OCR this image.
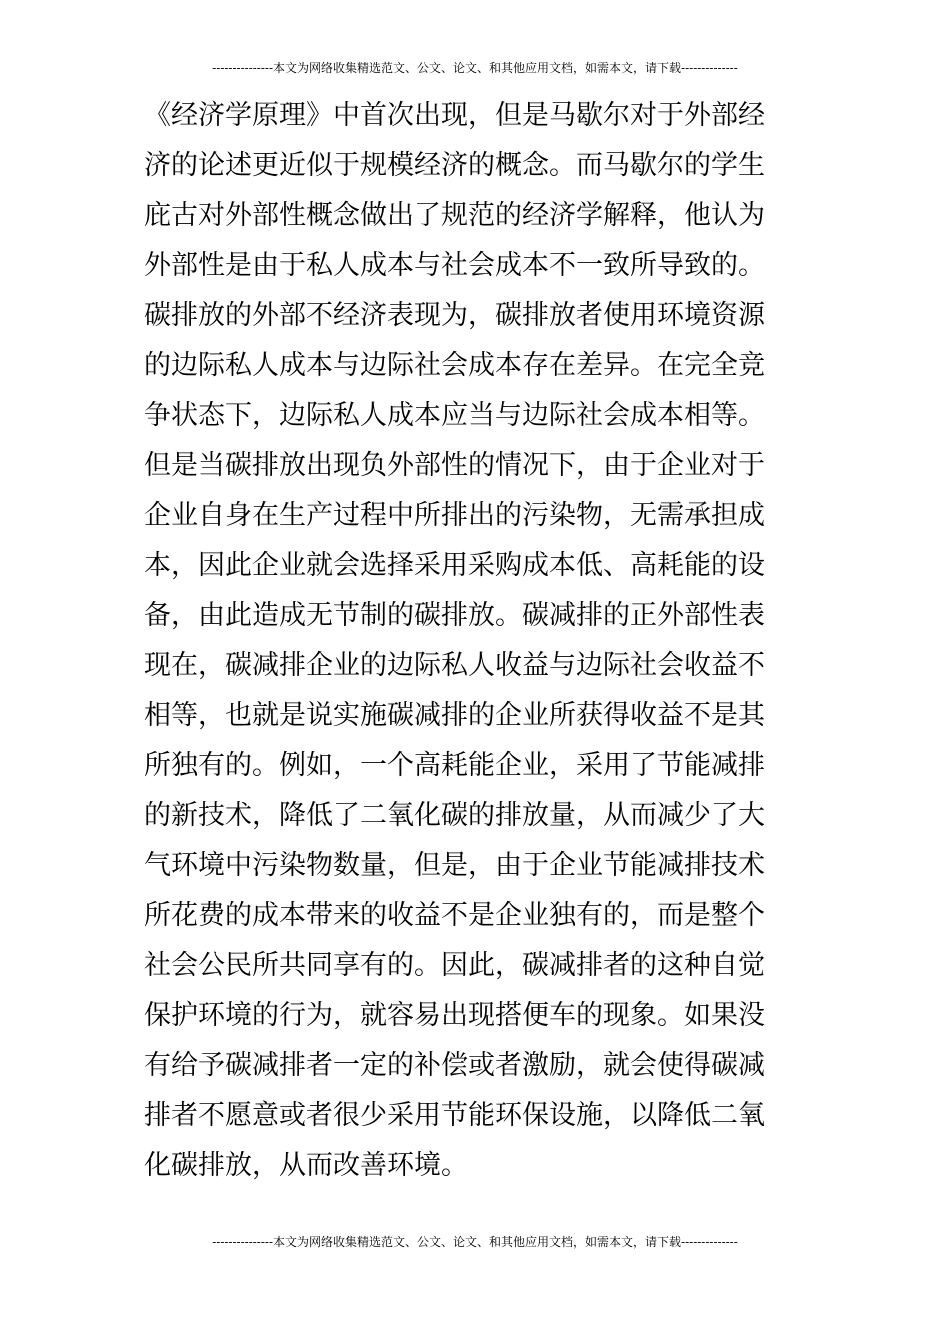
---------------本文为网络收集精选范文、公文、论文、和其他应用文档，如需本文，请下载--------------
《经济学原理》中首次出现，但是马歇尔对于外部经
济的论述更近似于规模经济的概念。而马歇尔的学生
庇古对外部性概念做出了规范的经济学解释，他认为
外部性是由于私人成本与社会成本不一致所导致的。
碳排放的外部不经济表现为，碳排放者使用环境资源
的边际私人成本与边际社会成本存在差异。在完全竞
争状态下，边际私人成本应当与边际社会成本相等。
但是当碳排放出现负外部性的情况下，由于企业对于
企业自身在生产过程中所排出的污染物，无需承担成
本，因此企业就会选择采用采购成本低、高耗能的设
备，由此造成无节制的碳排放。碳减排的正外部性表
现在，碳减排企业的边际私人收益与边际社会收益不
相等，也就是说实施碳减排的企业所获得收益不是其
所独有的。例如，一个高耗能企业，采用了节能减排
的新技术，降低了二氧化碳的排放量，从而减少了大
气环境中污染物数量，但是，由于企业节能减排技术
所花费的成本带来的收益不是企业独有的，而是整个
社会公民所共同享有的。因此，碳减排者的这种自觉
保护环境的行为，就容易出现搭便车的现象。如果没
有给予碳减排者一定的补偿或者激励，就会使得碳减
排者不愿意或者很少采用节能环保设施，以降低二氧
化碳排放，从而改善环境。
---------------本文为网络收集精选范文、公文、论文、和其他应用文档，如需本文，请下载--------------
